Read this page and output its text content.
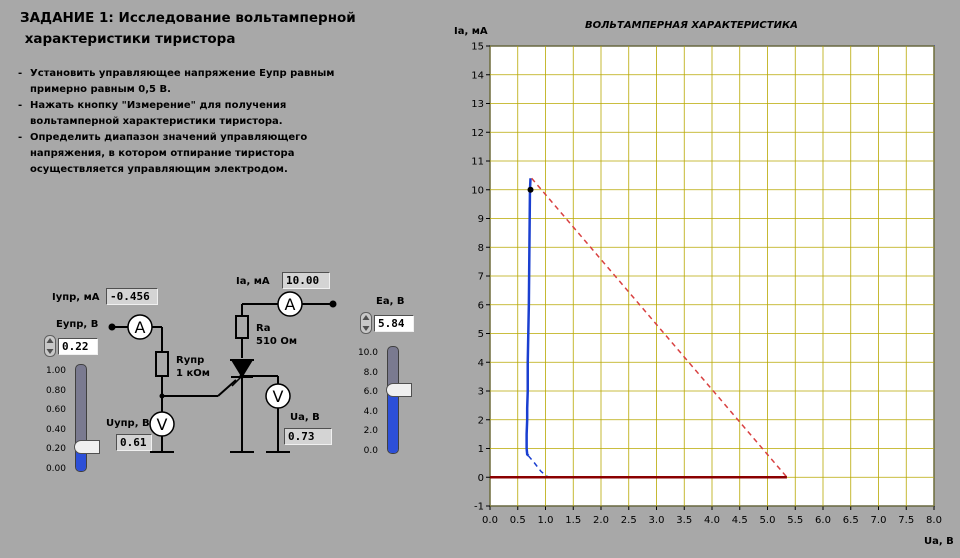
ЗАДАНИЕ 1: Исследование вольтамперной
характеристики тиристора
- Установить управляющее напряжение Eупр равным
примерно равным 0,5 В.
- Нажать кнопку "Измерение" для получения
вольтамперной характеристики тиристора.
- Определить диапазон значений управляющего
напряжения, в котором отпирание тиристора
осуществляется управляющим электродом.
A
V
A
V
Iупр, мА -0.456
Eупр, В
0.22
Rупр
1 кОм
Uупр, В
0.61
Ia, мА	10.00
Ra
510 Ом
Ua, В
0.73
Ea, В
5.84
1.00
0.80
0.60
0.40
0.20
0.00
10.0
8.0
6.0
4.0
2.0
0.0
ВОЛЬТАМПЕРНАЯ ХАРАКТЕРИСТИКА
0.0 0.5 1.0 1.5 2.0 2.5 3.0 3.5 4.0 4.5 5.0 5.5 6.0 6.5 7.0 7.5 8.0
-1
0
1
2
3
4
5
6
7
8
9
10
11
12
13
14
15
Ia, мА
Ua, В
